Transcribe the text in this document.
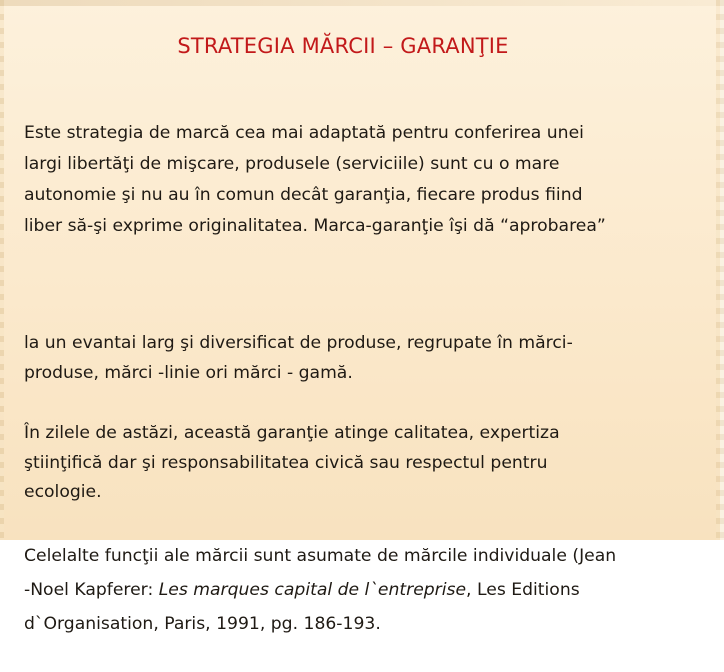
STRATEGIA MĂRCII – GARANŢIE

Este strategia de marcă cea mai adaptată pentru conferirea unei
largi libertăţi de mişcare, produsele (serviciile) sunt cu o mare
autonomie şi nu au în comun decât garanţia, fiecare produs fiind
liber să-şi exprime originalitatea. Marca-garanţie îşi dă “aprobarea”

la un evantai larg şi diversificat de produse, regrupate în mărci-
produse, mărci -linie ori mărci - gamă.

În zilele de astăzi, această garanţie atinge calitatea, expertiza
ştiinţifică dar şi responsabilitatea civică sau respectul pentru
ecologie.

Celelalte funcţii ale mărcii sunt asumate de mărcile individuale (Jean
-Noel Kapferer: Les marques capital de l`entreprise, Les Editions
d`Organisation, Paris, 1991, pg. 186-193.
